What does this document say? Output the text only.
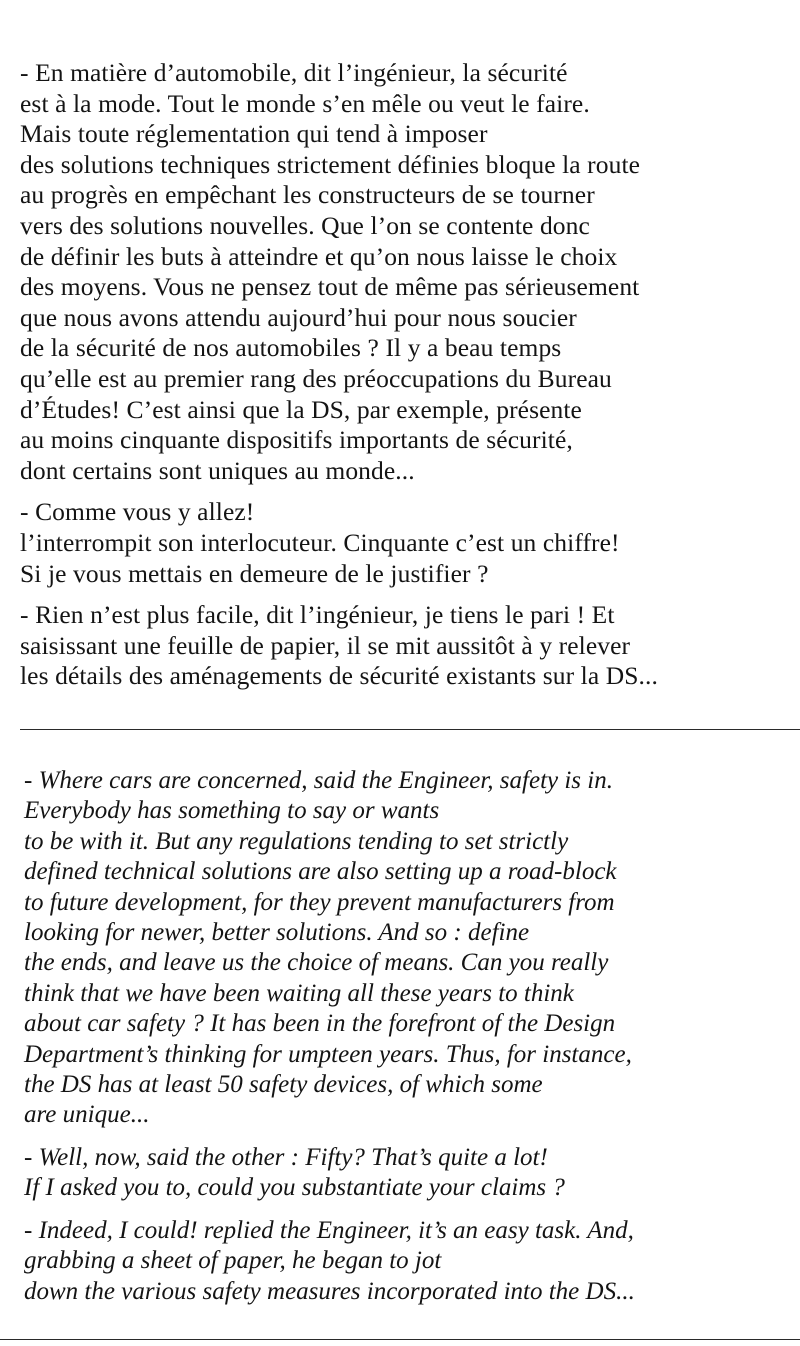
- En matière d’automobile, dit l’ingénieur, la sécurité
est à la mode. Tout le monde s’en mêle ou veut le faire.
Mais toute réglementation qui tend à imposer
des solutions techniques strictement définies bloque la route
au progrès en empêchant les constructeurs de se tourner
vers des solutions nouvelles. Que l’on se contente donc
de définir les buts à atteindre et qu’on nous laisse le choix
des moyens. Vous ne pensez tout de même pas sérieusement
que nous avons attendu aujourd’hui pour nous soucier
de la sécurité de nos automobiles ? Il y a beau temps
qu’elle est au premier rang des préoccupations du Bureau
d’Études! C’est ainsi que la DS, par exemple, présente
au moins cinquante dispositifs importants de sécurité,
dont certains sont uniques au monde...

- Comme vous y allez!
l’interrompit son interlocuteur. Cinquante c’est un chiffre!
Si je vous mettais en demeure de le justifier ?

- Rien n’est plus facile, dit l’ingénieur, je tiens le pari ! Et
saisissant une feuille de papier, il se mit aussitôt à y relever
les détails des aménagements de sécurité existants sur la DS...

- Where cars are concerned, said the Engineer, safety is in.
Everybody has something to say or wants
to be with it. But any regulations tending to set strictly
defined technical solutions are also setting up a road-block
to future development, for they prevent manufacturers from
looking for newer, better solutions. And so : define
the ends, and leave us the choice of means. Can you really
think that we have been waiting all these years to think
about car safety ? It has been in the forefront of the Design
Department’s thinking for umpteen years. Thus, for instance,
the DS has at least 50 safety devices, of which some
are unique...

- Well, now, said the other : Fifty? That’s quite a lot!
If I asked you to, could you substantiate your claims ?

- Indeed, I could! replied the Engineer, it’s an easy task. And,
grabbing a sheet of paper, he began to jot
down the various safety measures incorporated into the DS...
